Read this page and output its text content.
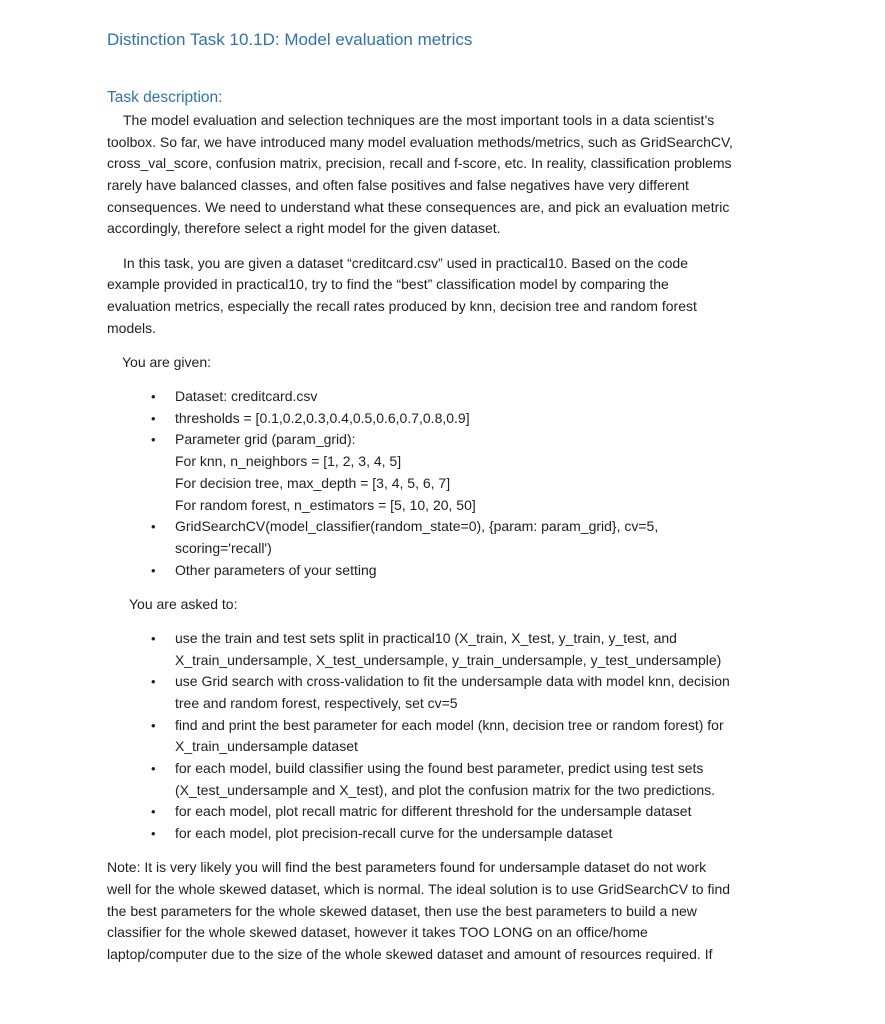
Distinction Task 10.1D: Model evaluation metrics
Task description:
The model evaluation and selection techniques are the most important tools in a data scientist’s
toolbox. So far, we have introduced many model evaluation methods/metrics, such as GridSearchCV,
cross_val_score, confusion matrix, precision, recall and f-score, etc. In reality, classification problems
rarely have balanced classes, and often false positives and false negatives have very different
consequences. We need to understand what these consequences are, and pick an evaluation metric
accordingly, therefore select a right model for the given dataset.
In this task, you are given a dataset “creditcard.csv” used in practical10. Based on the code
example provided in practical10, try to find the “best” classification model by comparing the
evaluation metrics, especially the recall rates produced by knn, decision tree and random forest
models.
You are given:
Dataset: creditcard.csv
•
thresholds = [0.1,0.2,0.3,0.4,0.5,0.6,0.7,0.8,0.9]
•
Parameter grid (param_grid):
•
For knn, n_neighbors = [1, 2, 3, 4, 5]
For decision tree, max_depth = [3, 4, 5, 6, 7]
For random forest, n_estimators = [5, 10, 20, 50]
GridSearchCV(model_classifier(random_state=0), {param: param_grid}, cv=5,
•
scoring='recall')
Other parameters of your setting
•
You are asked to:
use the train and test sets split in practical10 (X_train, X_test, y_train, y_test, and
•
X_train_undersample, X_test_undersample, y_train_undersample, y_test_undersample)
use Grid search with cross-validation to fit the undersample data with model knn, decision
•
tree and random forest, respectively, set cv=5
find and print the best parameter for each model (knn, decision tree or random forest) for
•
X_train_undersample dataset
for each model, build classifier using the found best parameter, predict using test sets
•
(X_test_undersample and X_test), and plot the confusion matrix for the two predictions.
for each model, plot recall matric for different threshold for the undersample dataset
•
for each model, plot precision-recall curve for the undersample dataset
•
Note: It is very likely you will find the best parameters found for undersample dataset do not work
well for the whole skewed dataset, which is normal. The ideal solution is to use GridSearchCV to find
the best parameters for the whole skewed dataset, then use the best parameters to build a new
classifier for the whole skewed dataset, however it takes TOO LONG on an office/home
laptop/computer due to the size of the whole skewed dataset and amount of resources required. If
